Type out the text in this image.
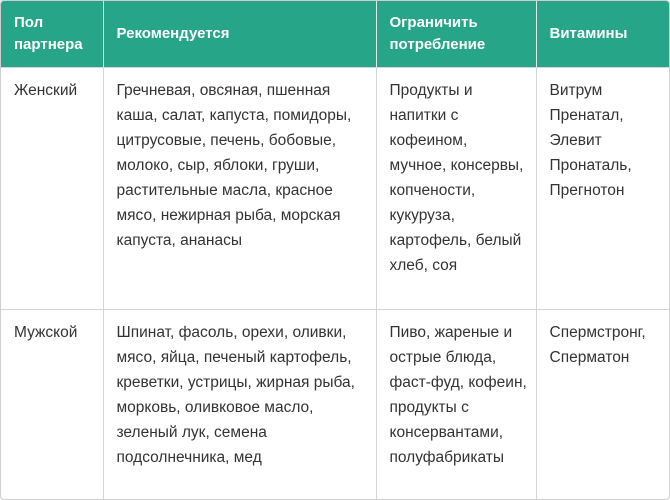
Пол партнера	Рекомендуется	Ограничить потребление	Витамины
Женский	Гречневая, овсяная, пшенная каша, салат, капуста, помидоры, цитрусовые, печень, бобовые, молоко, сыр, яблоки, груши, растительные масла, красное мясо, нежирная рыба, морская капуста, ананасы	Продукты и напитки с кофеином, мучное, консервы, копчености, кукуруза, картофель, белый хлеб, соя	Витрум Пренатал,
Элевит Пронаталь,
Прегнотон
Мужской	Шпинат, фасоль, орехи, оливки, мясо, яйца, печеный картофель, креветки, устрицы, жирная рыба, морковь, оливковое масло, зеленый лук, семена подсолнечника, мед	Пиво, жареные и острые блюда, фаст-фуд, кофеин, продукты с консервантами, полуфабрикаты	Спермстронг,
Сперматон
